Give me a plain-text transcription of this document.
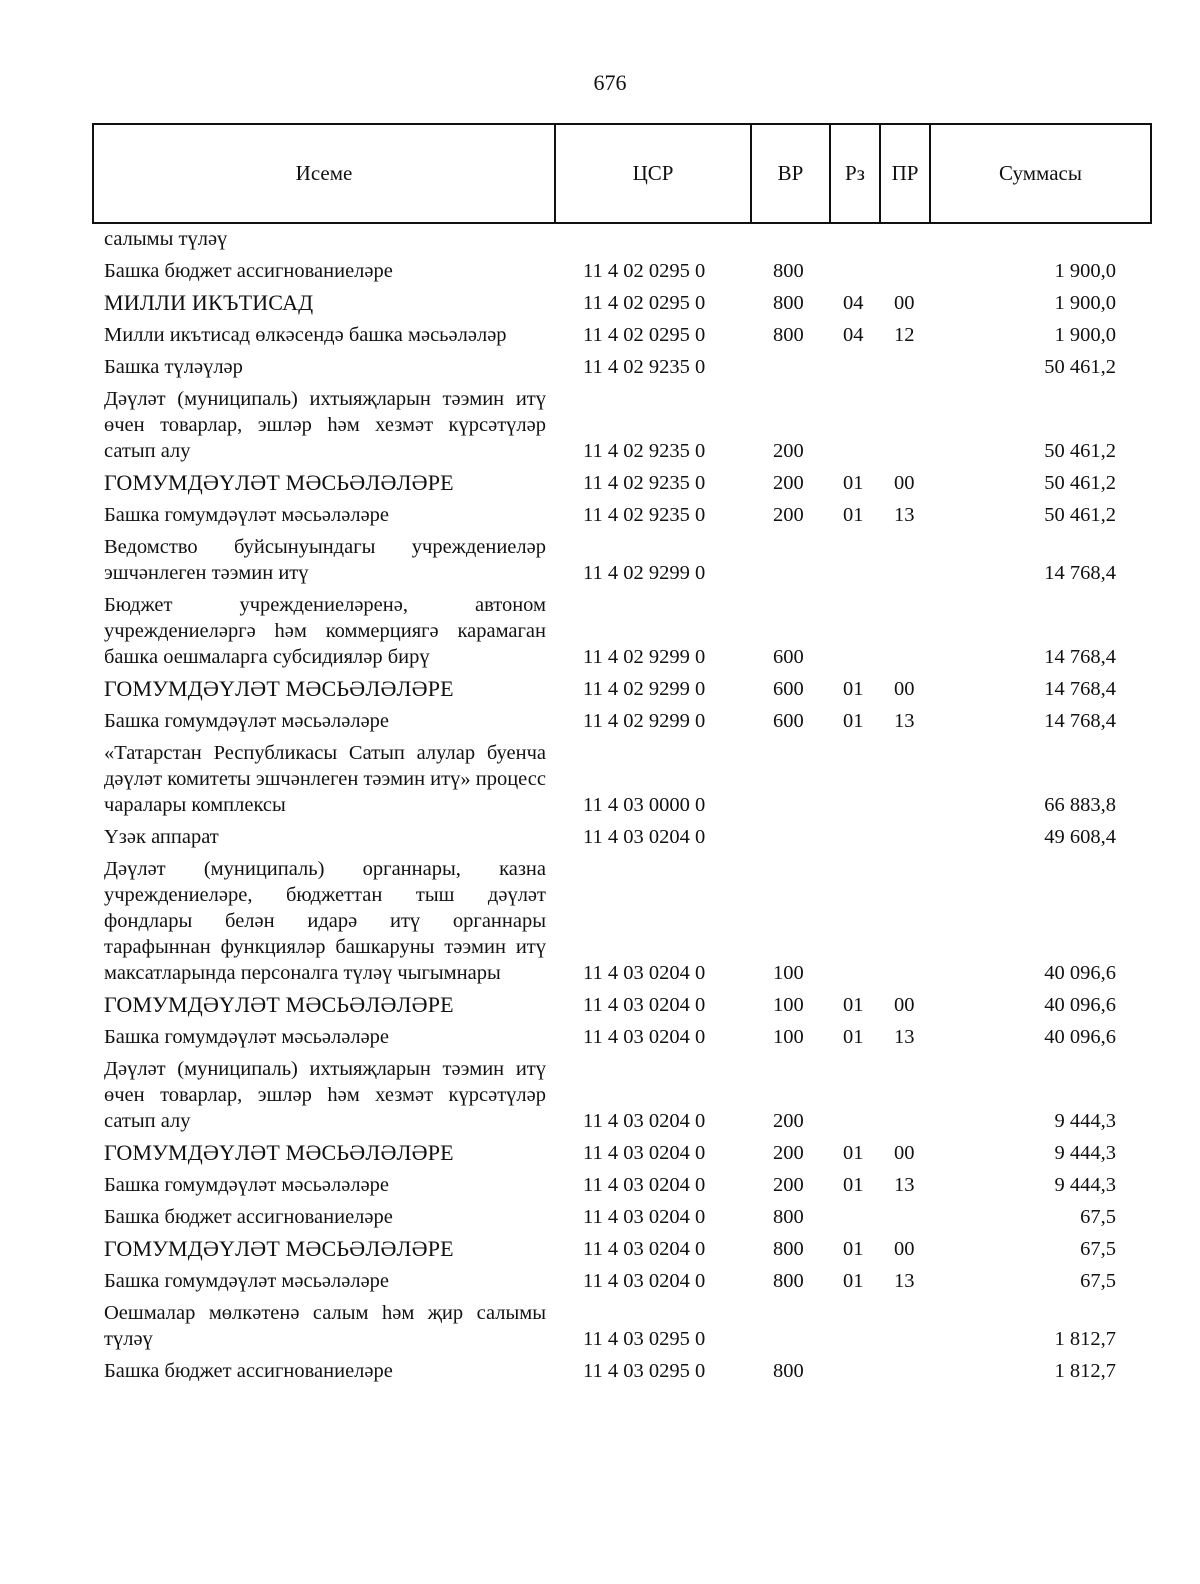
676
Исеме	ЦСР	ВР	Рз	ПР	Суммасы
салымы түләү
Башка бюджет ассигнованиеләре	11 4 02 0295 0	800	1 900,0
МИЛЛИ ИКЪТИСАД	11 4 02 0295 0	800 04 00	1 900,0
Милли икътисад өлкәсендә башка мәсьәләләр	11 4 02 0295 0	800 04 12	1 900,0
Башка түләүләр	11 4 02 9235 0	50 461,2
Дәүләт (муниципаль) ихтыяҗларын тәэмин итү өчен товарлар, эшләр һәм хезмәт күрсәтүләр сатып алу	11 4 02 9235 0	200	50 461,2
ГОМУМДӘҮЛӘТ МӘСЬӘЛӘЛӘРЕ	11 4 02 9235 0	200 01 00	50 461,2
Башка гомумдәүләт мәсьәләләре	11 4 02 9235 0	200 01 13	50 461,2
Ведомство буйсынуындагы учреждениеләр эшчәнлеген тәэмин итү	11 4 02 9299 0	14 768,4
Бюджет учреждениеләренә, автоном учреждениеләргә һәм коммерциягә карамаган башка оешмаларга субсидияләр бирү	11 4 02 9299 0	600	14 768,4
ГОМУМДӘҮЛӘТ МӘСЬӘЛӘЛӘРЕ	11 4 02 9299 0	600 01 00	14 768,4
Башка гомумдәүләт мәсьәләләре	11 4 02 9299 0	600 01 13	14 768,4
«Татарстан Республикасы Сатып алулар буенча дәүләт комитеты эшчәнлеген тәэмин итү» процесс чаралары комплексы	11 4 03 0000 0	66 883,8
Үзәк аппарат	11 4 03 0204 0	49 608,4
Дәүләт (муниципаль) органнары, казна учреждениеләре, бюджеттан тыш дәүләт фондлары белән идарә итү органнары тарафыннан функцияләр башкаруны тәэмин итү максатларында персоналга түләү чыгымнары	11 4 03 0204 0	100	40 096,6
ГОМУМДӘҮЛӘТ МӘСЬӘЛӘЛӘРЕ	11 4 03 0204 0	100 01 00	40 096,6
Башка гомумдәүләт мәсьәләләре	11 4 03 0204 0	100 01 13	40 096,6
Дәүләт (муниципаль) ихтыяҗларын тәэмин итү өчен товарлар, эшләр һәм хезмәт күрсәтүләр сатып алу	11 4 03 0204 0	200	9 444,3
ГОМУМДӘҮЛӘТ МӘСЬӘЛӘЛӘРЕ	11 4 03 0204 0	200 01 00	9 444,3
Башка гомумдәүләт мәсьәләләре	11 4 03 0204 0	200 01 13	9 444,3
Башка бюджет ассигнованиеләре	11 4 03 0204 0	800	67,5
ГОМУМДӘҮЛӘТ МӘСЬӘЛӘЛӘРЕ	11 4 03 0204 0	800 01 00	67,5
Башка гомумдәүләт мәсьәләләре	11 4 03 0204 0	800 01 13	67,5
Оешмалар мөлкәтенә салым һәм җир салымы түләү	11 4 03 0295 0	1 812,7
Башка бюджет ассигнованиеләре	11 4 03 0295 0	800	1 812,7
